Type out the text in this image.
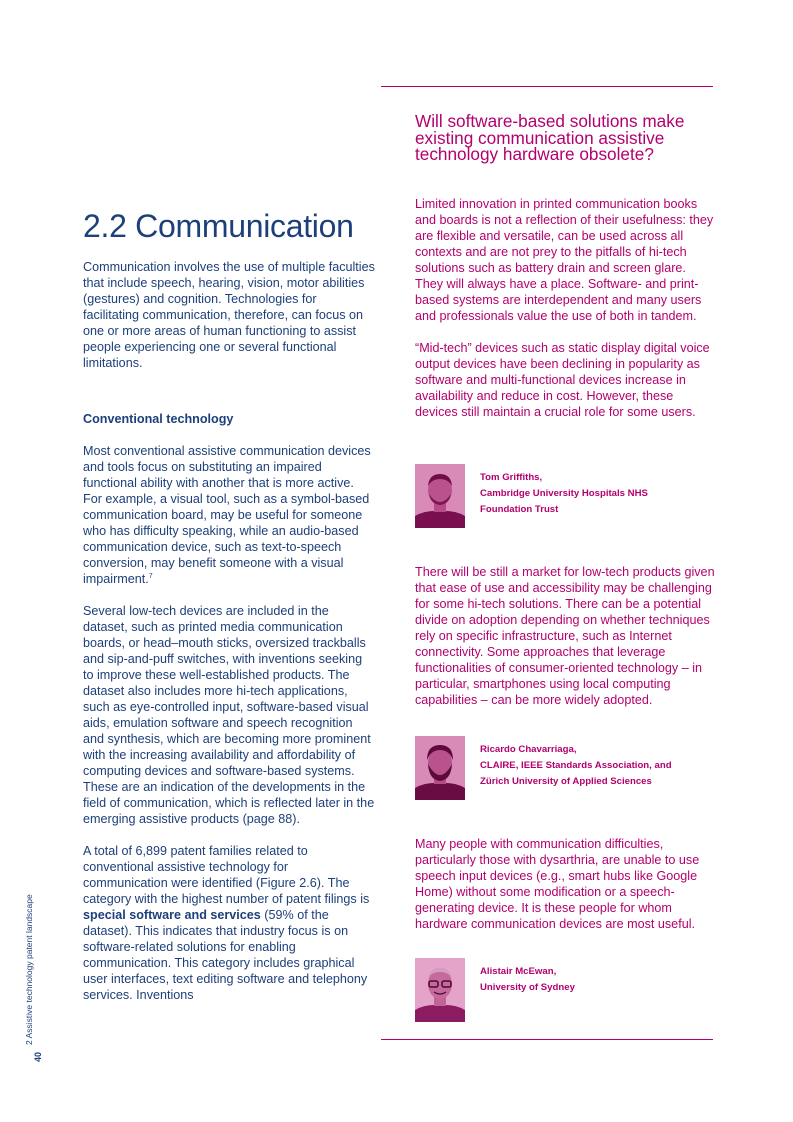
2.2 Communication

Communication involves the use of multiple faculties that include speech, hearing, vision, motor abilities (gestures) and cognition. Technologies for facilitating communication, therefore, can focus on one or more areas of human functioning to assist people experiencing one or several functional limitations.

Conventional technology

Most conventional assistive communication devices and tools focus on substituting an impaired functional ability with another that is more active. For example, a visual tool, such as a symbol-based communication board, may be useful for someone who has difficulty speaking, while an audio-based communication device, such as text-to-speech conversion, may benefit someone with a visual impairment.$^7$

Several low-tech devices are included in the dataset, such as printed media communication boards, or head–mouth sticks, oversized trackballs and sip-and-puff switches, with inventions seeking to improve these well-established products. The dataset also includes more hi-tech applications, such as eye-controlled input, software-based visual aids, emulation software and speech recognition and synthesis, which are becoming more prominent with the increasing availability and affordability of computing devices and software-based systems. These are an indication of the developments in the field of communication, which is reflected later in the emerging assistive products (page 88).

A total of 6,899 patent families related to conventional assistive technology for communication were identified (Figure 2.6). The category with the highest number of patent filings is special software and services (59% of the dataset). This indicates that industry focus is on software-related solutions for enabling communication. This category includes graphical user interfaces, text editing software and telephony services. Inventions

2 Assistive technology patent landscape
40
Will software-based solutions make existing communication assistive technology hardware obsolete?

Limited innovation in printed communication books and boards is not a reflection of their usefulness: they are flexible and versatile, can be used across all contexts and are not prey to the pitfalls of hi-tech solutions such as battery drain and screen glare. They will always have a place. Software- and print-based systems are interdependent and many users and professionals value the use of both in tandem.

“Mid-tech” devices such as static display digital voice output devices have been declining in popularity as software and multi-functional devices increase in availability and reduce in cost. However, these devices still maintain a crucial role for some users.

Tom Griffiths,
Cambridge University Hospitals NHS
Foundation Trust

There will be still a market for low-tech products given that ease of use and accessibility may be challenging for some hi-tech solutions. There can be a potential divide on adoption depending on whether techniques rely on specific infrastructure, such as Internet connectivity. Some approaches that leverage functionalities of consumer-oriented technology – in particular, smartphones using local computing capabilities – can be more widely adopted.

Ricardo Chavarriaga,
CLAIRE, IEEE Standards Association, and
Zürich University of Applied Sciences

Many people with communication difficulties, particularly those with dysarthria, are unable to use speech input devices (e.g., smart hubs like Google Home) without some modification or a speech-generating device. It is these people for whom hardware communication devices are most useful.

Alistair McEwan,
University of Sydney
